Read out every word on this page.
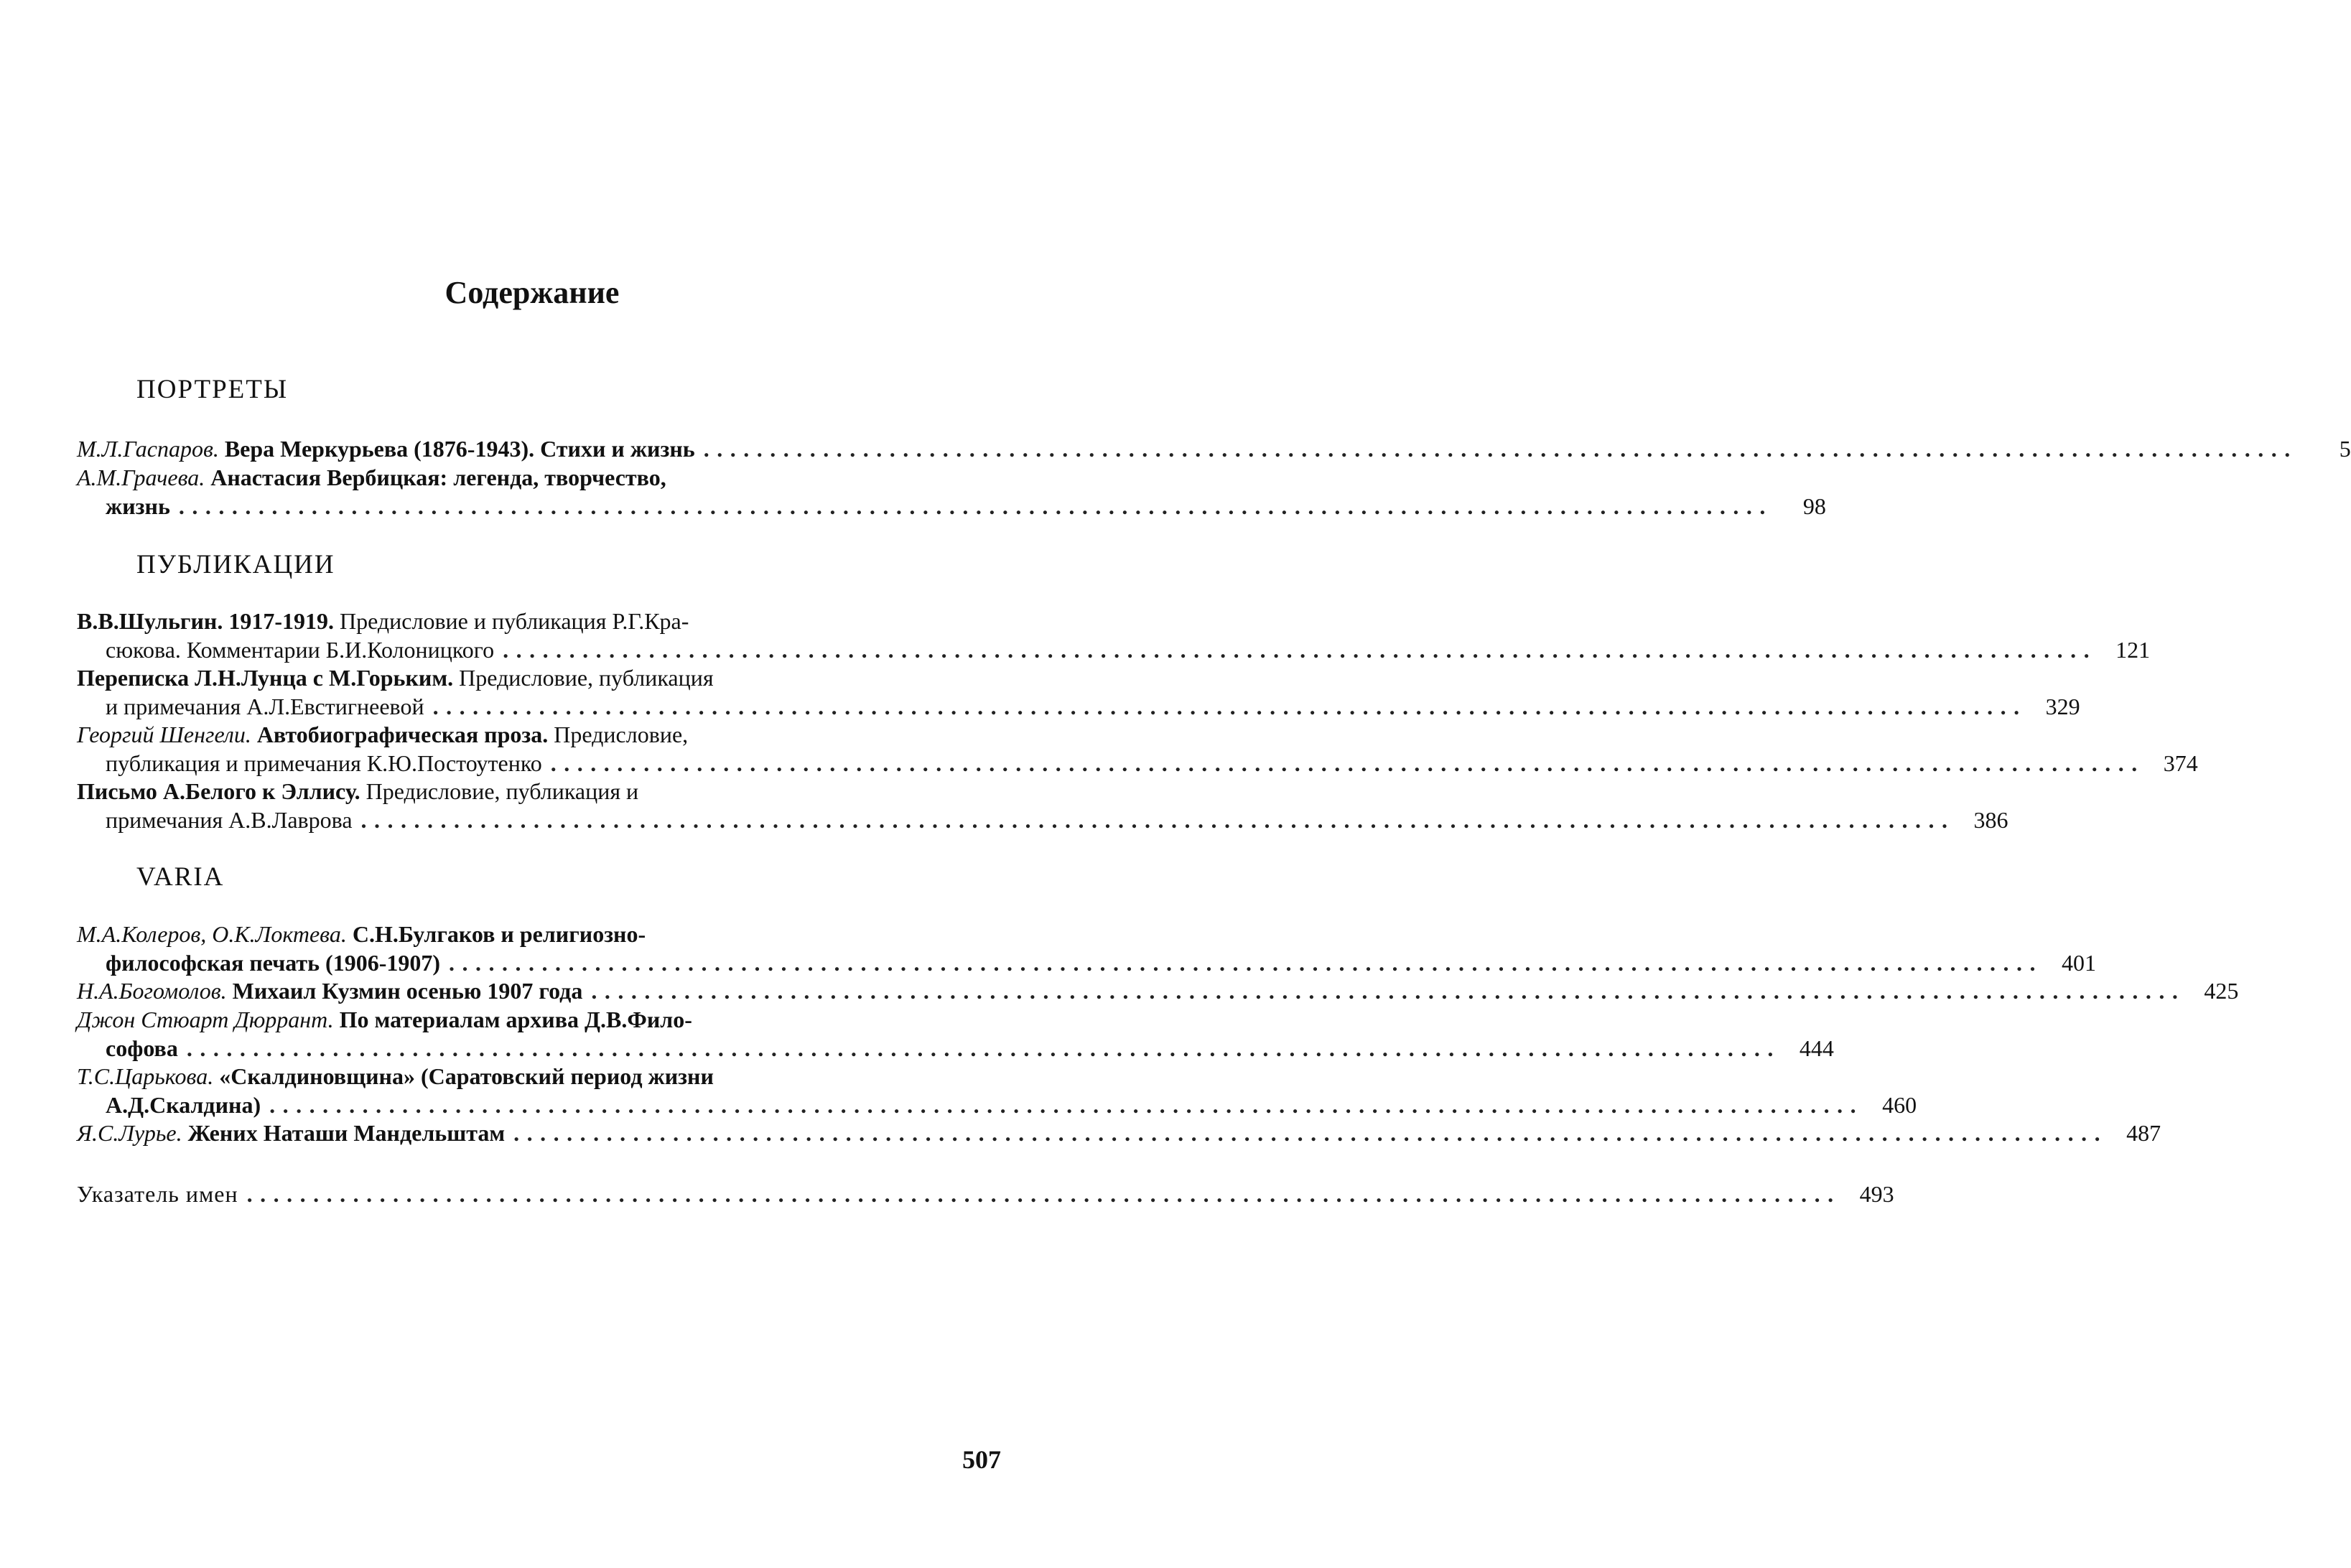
Содержание
ПОРТРЕТЫ
М.Л.Гаспаров. Вера Меркурьева (1876-1943). Стихи и жизнь ........................................................................................................................	5
А.М.Грачева. Анастасия Вербицкая: легенда, творчество,
жизнь ........................................................................................................................	98
ПУБЛИКАЦИИ
В.В.Шульгин. 1917-1919. Предисловие и публикация Р.Г.Кра-
сюкова. Комментарии Б.И.Колоницкого ........................................................................................................................ 121
Переписка Л.Н.Лунца с М.Горьким. Предисловие, публикация
и примечания А.Л.Евстигнеевой ........................................................................................................................ 329
Георгий Шенгели. Автобиографическая проза. Предисловие,
публикация и примечания К.Ю.Постоутенко ........................................................................................................................ 374
Письмо А.Белого к Эллису. Предисловие, публикация и
примечания А.В.Лаврова ........................................................................................................................ 386
VARIA
М.А.Колеров, О.К.Локтева. С.Н.Булгаков и религиозно-
философская печать (1906-1907) ........................................................................................................................ 401
Н.А.Богомолов. Михаил Кузмин осенью 1907 года ........................................................................................................................ 425
Джон Стюарт Дюррант. По материалам архива Д.В.Фило-
софова ........................................................................................................................ 444
Т.С.Царькова. «Скалдиновщина» (Саратовский период жизни
А.Д.Скалдина) ........................................................................................................................ 460
Я.С.Лурье. Жених Наташи Мандельштам ........................................................................................................................ 487
Указатель имен ........................................................................................................................ 493
507
